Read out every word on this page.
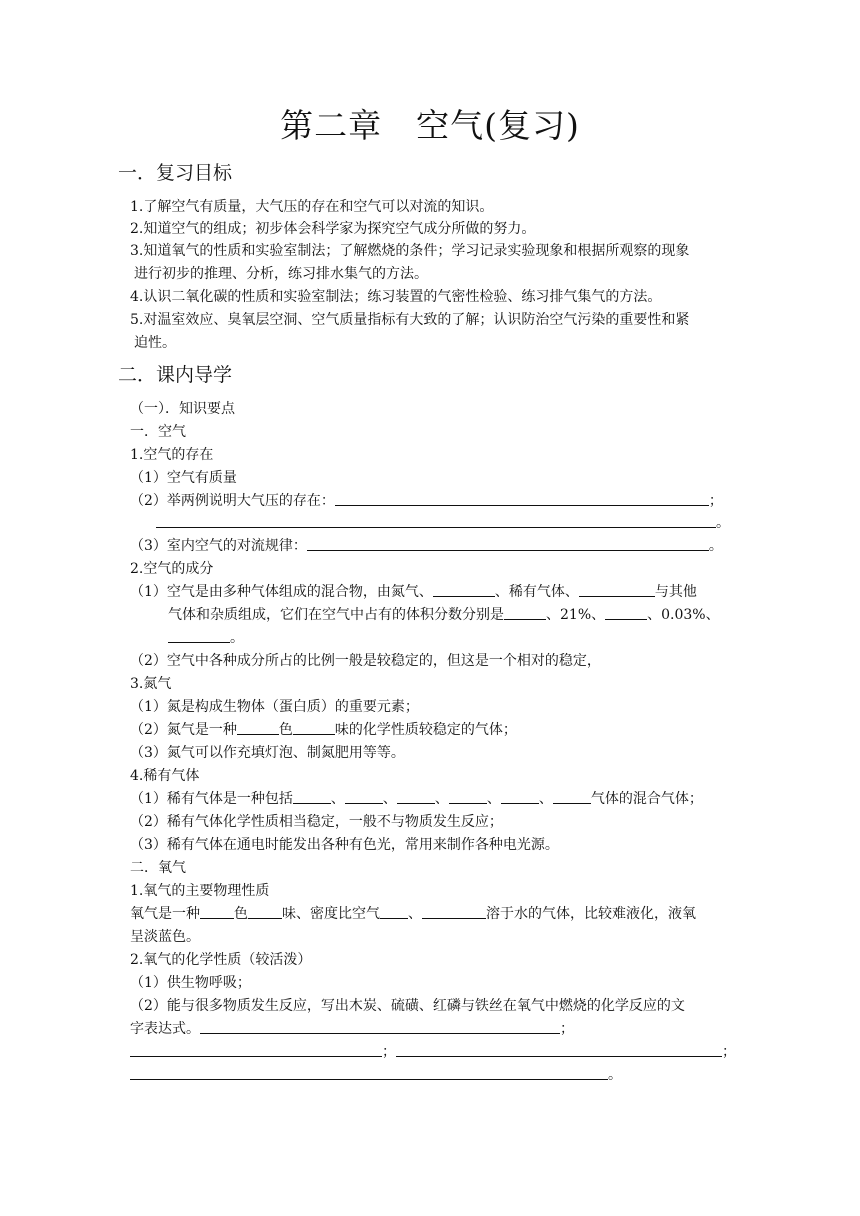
第二章　空气(复习)
一．复习目标
1.了解空气有质量，大气压的存在和空气可以对流的知识。
2.知道空气的组成；初步体会科学家为探究空气成分所做的努力。
3.知道氧气的性质和实验室制法；了解燃烧的条件；学习记录实验现象和根据所观察的现象
进行初步的推理、分析，练习排水集气的方法。
4.认识二氧化碳的性质和实验室制法；练习装置的气密性检验、练习排气集气的方法。
5.对温室效应、臭氧层空洞、空气质量指标有大致的了解；认识防治空气污染的重要性和紧
迫性。
二．课内导学
（一）．知识要点
一．空气
1.空气的存在
（1）空气有质量
（2）举两例说明大气压的存在：	；
。
（3）室内空气的对流规律：	。
2.空气的成分
（1）空气是由多种气体组成的混合物，由氮气、	、稀有气体、	与其他
气体和杂质组成，它们在空气中占有的体积分数分别是	、21%、	、0.03%、
。
（2）空气中各种成分所占的比例一般是较稳定的，但这是一个相对的稳定，
3.氮气
（1）氮是构成生物体（蛋白质）的重要元素；
（2）氮气是一种	色	味的化学性质较稳定的气体；
（3）氮气可以作充填灯泡、制氮肥用等等。
4.稀有气体
（1）稀有气体是一种包括	、	、	、	、	、	气体的混合气体；
（2）稀有气体化学性质相当稳定，一般不与物质发生反应；
（3）稀有气体在通电时能发出各种有色光，常用来制作各种电光源。
二．氧气
1.氧气的主要物理性质
氧气是一种 色 味、密度比空气 、	溶于水的气体，比较难液化，液氧
呈淡蓝色。
2.氧气的化学性质（较活泼）
（1）供生物呼吸；
（2）能与很多物质发生反应，写出木炭、硫磺、红磷与铁丝在氧气中燃烧的化学反应的文
字表达式。	；
；	；
。
